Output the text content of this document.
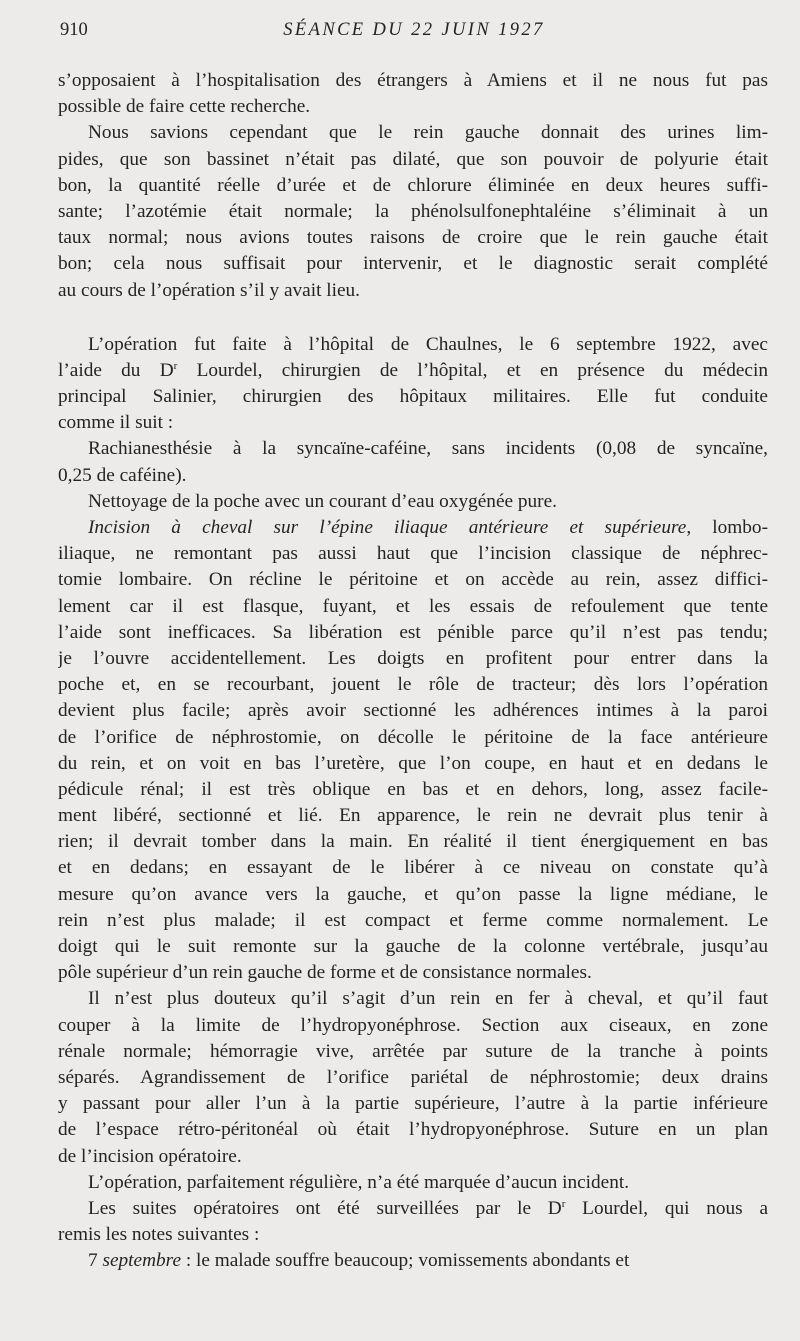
910	SÉANCE DU 22 JUIN 1927
s’opposaient à l’hospitalisation des étrangers à Amiens et il ne nous fut pas
possible de faire cette recherche.
Nous savions cependant que le rein gauche donnait des urines lim-
pides, que son bassinet n’était pas dilaté, que son pouvoir de polyurie était
bon, la quantité réelle d’urée et de chlorure éliminée en deux heures suffi-
sante; l’azotémie était normale; la phénolsulfonephtaléine s’éliminait à un
taux normal; nous avions toutes raisons de croire que le rein gauche était
bon; cela nous suffisait pour intervenir, et le diagnostic serait complété
au cours de l’opération s’il y avait lieu.
L’opération fut faite à l’hôpital de Chaulnes, le 6 septembre 1922, avec
l’aide du $D^r$ Lourdel, chirurgien de l’hôpital, et en présence du médecin
principal Salinier, chirurgien des hôpitaux militaires. Elle fut conduite
comme il suit :
Rachianesthésie à la syncaïne-caféine, sans incidents (0,08 de syncaïne,
0,25 de caféine).
Nettoyage de la poche avec un courant d’eau oxygénée pure.
Incision à cheval sur l’épine iliaque antérieure et supérieure, lombo-
iliaque, ne remontant pas aussi haut que l’incision classique de néphrec-
tomie lombaire. On récline le péritoine et on accède au rein, assez diffici-
lement car il est flasque, fuyant, et les essais de refoulement que tente
l’aide sont inefficaces. Sa libération est pénible parce qu’il n’est pas tendu;
je l’ouvre accidentellement. Les doigts en profitent pour entrer dans la
poche et, en se recourbant, jouent le rôle de tracteur; dès lors l’opération
devient plus facile; après avoir sectionné les adhérences intimes à la paroi
de l’orifice de néphrostomie, on décolle le péritoine de la face antérieure
du rein, et on voit en bas l’uretère, que l’on coupe, en haut et en dedans le
pédicule rénal; il est très oblique en bas et en dehors, long, assez facile-
ment libéré, sectionné et lié. En apparence, le rein ne devrait plus tenir à
rien; il devrait tomber dans la main. En réalité il tient énergiquement en bas
et en dedans; en essayant de le libérer à ce niveau on constate qu’à
mesure qu’on avance vers la gauche, et qu’on passe la ligne médiane, le
rein n’est plus malade; il est compact et ferme comme normalement. Le
doigt qui le suit remonte sur la gauche de la colonne vertébrale, jusqu’au
pôle supérieur d’un rein gauche de forme et de consistance normales.
Il n’est plus douteux qu’il s’agit d’un rein en fer à cheval, et qu’il faut
couper à la limite de l’hydropyonéphrose. Section aux ciseaux, en zone
rénale normale; hémorragie vive, arrêtée par suture de la tranche à points
séparés. Agrandissement de l’orifice pariétal de néphrostomie; deux drains
y passant pour aller l’un à la partie supérieure, l’autre à la partie inférieure
de l’espace rétro-péritonéal où était l’hydropyonéphrose. Suture en un plan
de l’incision opératoire.
L’opération, parfaitement régulière, n’a été marquée d’aucun incident.
Les suites opératoires ont été surveillées par le $D^r$ Lourdel, qui nous a
remis les notes suivantes :
7 septembre : le malade souffre beaucoup; vomissements abondants et
